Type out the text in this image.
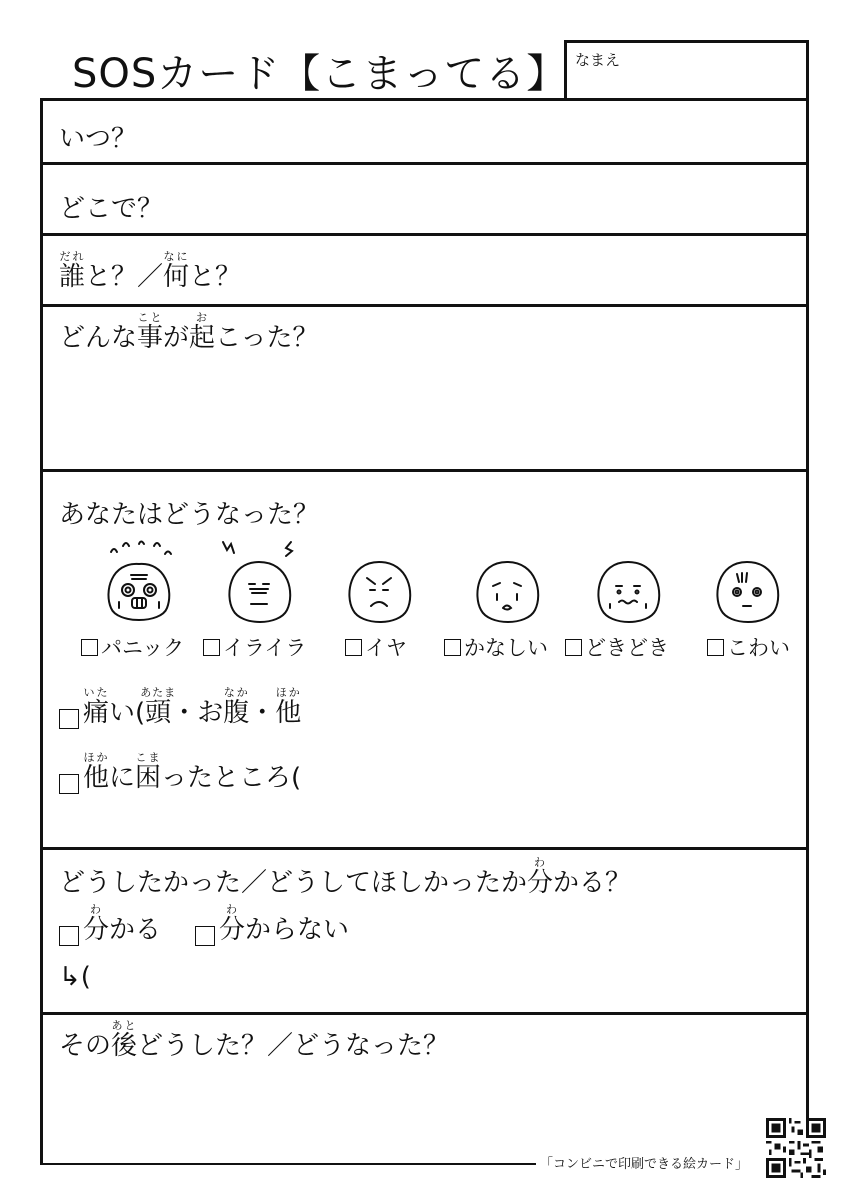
SOSカード【こまってる】 なまえ
いつ？
どこで？
誰だれと？／何なにと？
どんな事ことが起おこった？
あなたはどうなった？
パニック イライラ	イヤ	かなしい どきどき	こわい
痛いたい(頭あたま・お腹なか・他ほか
他ほかに困こまったところ(
どうしたかった／どうしてほしかったか分わかる？
分わかる 分わからない
↳(
その後あとどうした？／どうなった？
「コンビニで印刷できる絵カード」
